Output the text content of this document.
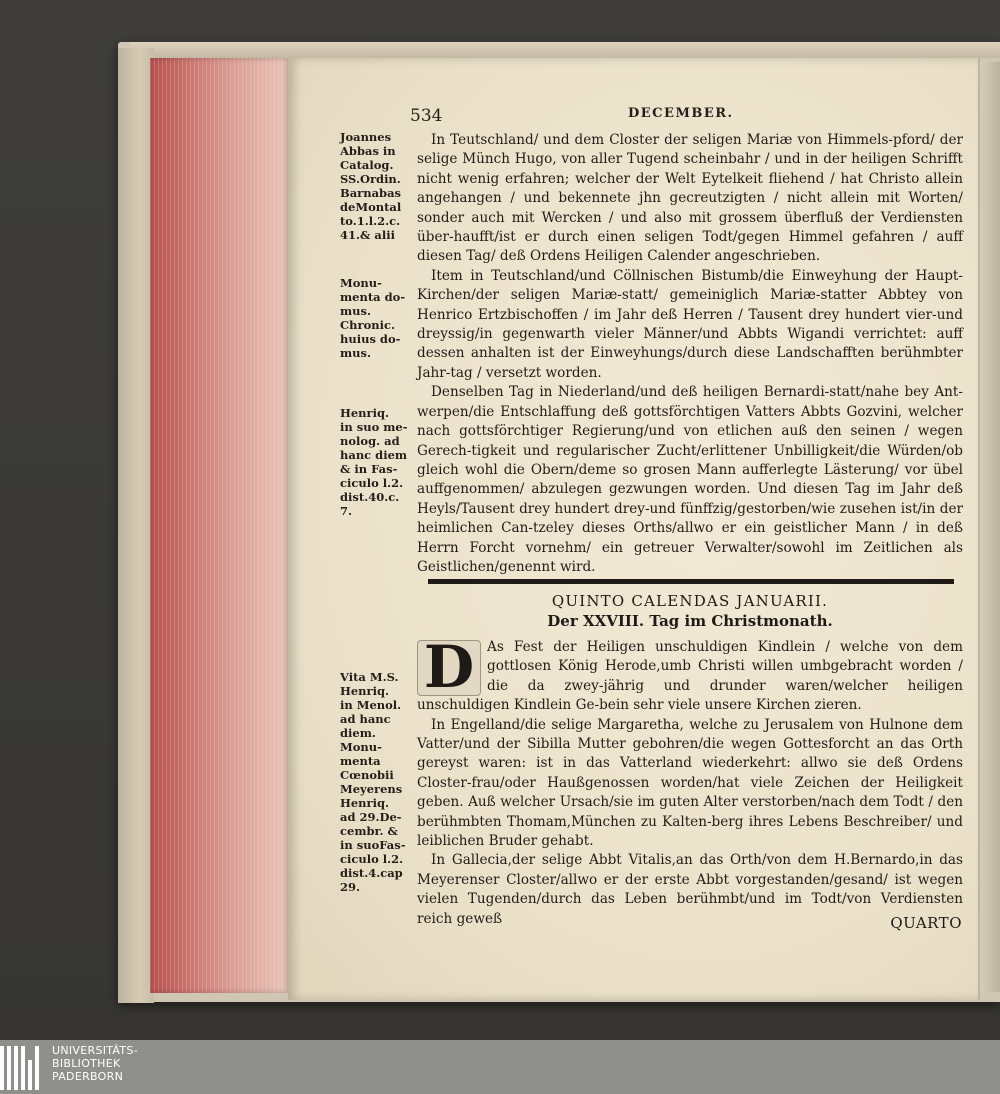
534	DECEMBER.
Joannes
Abbas in
Catalog.
SS.Ordin.
Barnabas
deMontal
to.1.l.2.c.
41.& alii
Monu-
menta do-
mus.
Chronic.
huius do-
mus.
Henriq.
in suo me-
nolog. ad
hanc diem
& in Fas-
ciculo l.2.
dist.40.c.
7.
Vita M.S.
Henriq.
in Menol.
ad hanc
diem.
Monu-
menta
Cœnobii
Meyerens
Henriq.
ad 29.De-
cembr. &
in suoFas-
ciculo l.2.
dist.4.cap
29.

In Teutschland/ und dem Closter der seligen Mariæ von Himmels-pford/ der selige Münch Hugo, von aller Tugend scheinbahr / und in der heiligen Schrifft nicht wenig erfahren; welcher der Welt Eytelkeit fliehend / hat Christo allein angehangen / und bekennete jhn gecreutzigten / nicht allein mit Worten/ sonder auch mit Wercken / und also mit grossem überfluß der Verdiensten über-haufft/ist er durch einen seligen Todt/gegen Himmel gefahren / auff diesen Tag/ deß Ordens Heiligen Calender angeschrieben.

Item in Teutschland/und Cöllnischen Bistumb/die Einweyhung der Haupt-Kirchen/der seligen Mariæ-statt/ gemeiniglich Mariæ-statter Abbtey von Henrico Ertzbischoffen / im Jahr deß Herren / Tausent drey hundert vier-und dreyssig/in gegenwarth vieler Männer/und Abbts Wigandi verrichtet: auff dessen anhalten ist der Einweyhungs/durch diese Landschafften berühmbter Jahr-tag / versetzt worden.

Denselben Tag in Niederland/und deß heiligen Bernardi-statt/nahe bey Ant-werpen/die Entschlaffung deß gottsförchtigen Vatters Abbts Gozvini, welcher nach gottsförchtiger Regierung/und von etlichen auß den seinen / wegen Gerech-tigkeit und regularischer Zucht/erlittener Unbilligkeit/die Würden/ob gleich wohl die Obern/deme so grosen Mann aufferlegte Lästerung/ vor übel auffgenommen/ abzulegen gezwungen worden. Und diesen Tag im Jahr deß Heyls/Tausent drey hundert drey-und fünffzig/gestorben/wie zusehen ist/in der heimlichen Can-tzeley dieses Orths/allwo er ein geistlicher Mann / in deß Herrn Forcht vornehm/ ein getreuer Verwalter/sowohl im Zeitlichen als Geistlichen/genennt wird.

QUINTO CALENDAS JANUARII.
Der XXVIII. Tag im Christmonath.

D As Fest der Heiligen unschuldigen Kindlein / welche von dem gottlosen König Herode,umb Christi willen umbgebracht worden / die da zwey-jährig und drunder waren/welcher heiligen unschuldigen Kindlein Ge-bein sehr viele unsere Kirchen zieren.

In Engelland/die selige Margaretha, welche zu Jerusalem von Hulnone dem Vatter/und der Sibilla Mutter gebohren/die wegen Gottesforcht an das Orth gereyst waren: ist in das Vatterland wiederkehrt: allwo sie deß Ordens Closter-frau/oder Haußgenossen worden/hat viele Zeichen der Heiligkeit geben. Auß welcher Ursach/sie im guten Alter verstorben/nach dem Todt / den berühmbten Thomam,München zu Kalten-berg ihres Lebens Beschreiber/ und leiblichen Bruder gehabt.

In Gallecia,der selige Abbt Vitalis,an das Orth/von dem H.Bernardo,in das Meyerenser Closter/allwo er der erste Abbt vorgestanden/gesand/ ist wegen vielen Tugenden/durch das Leben berühmbt/und im Todt/von Verdiensten reich geweß	QUARTO
UNIVERSITÄTS-
BIBLIOTHEK
PADERBORN
